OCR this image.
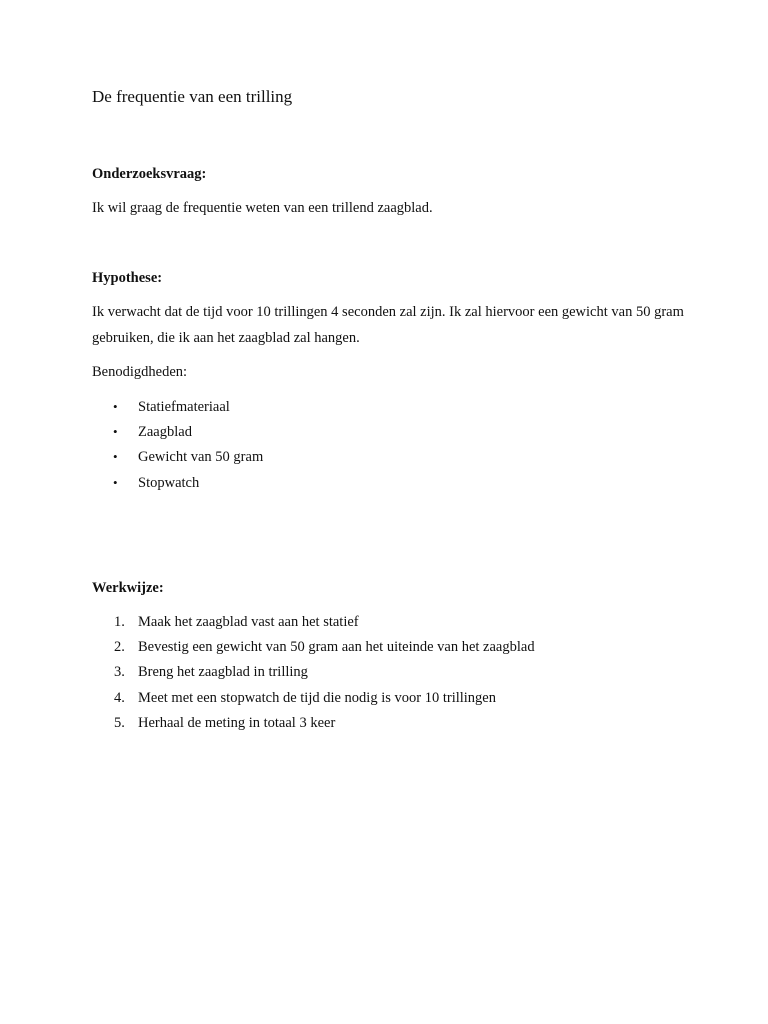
De frequentie van een trilling
Onderzoeksvraag:

Ik wil graag de frequentie weten van een trillend zaagblad.

Hypothese:

Ik verwacht dat de tijd voor 10 trillingen 4 seconden zal zijn. Ik zal hiervoor een gewicht van 50 gram gebruiken, die ik aan het zaagblad zal hangen.

Benodigdheden:

•	Statiefmateriaal
•	Zaagblad
•	Gewicht van 50 gram
•	Stopwatch
Werkwijze:
1. Maak het zaagblad vast aan het statief
2. Bevestig een gewicht van 50 gram aan het uiteinde van het zaagblad
3. Breng het zaagblad in trilling
4. Meet met een stopwatch de tijd die nodig is voor 10 trillingen
5. Herhaal de meting in totaal 3 keer
